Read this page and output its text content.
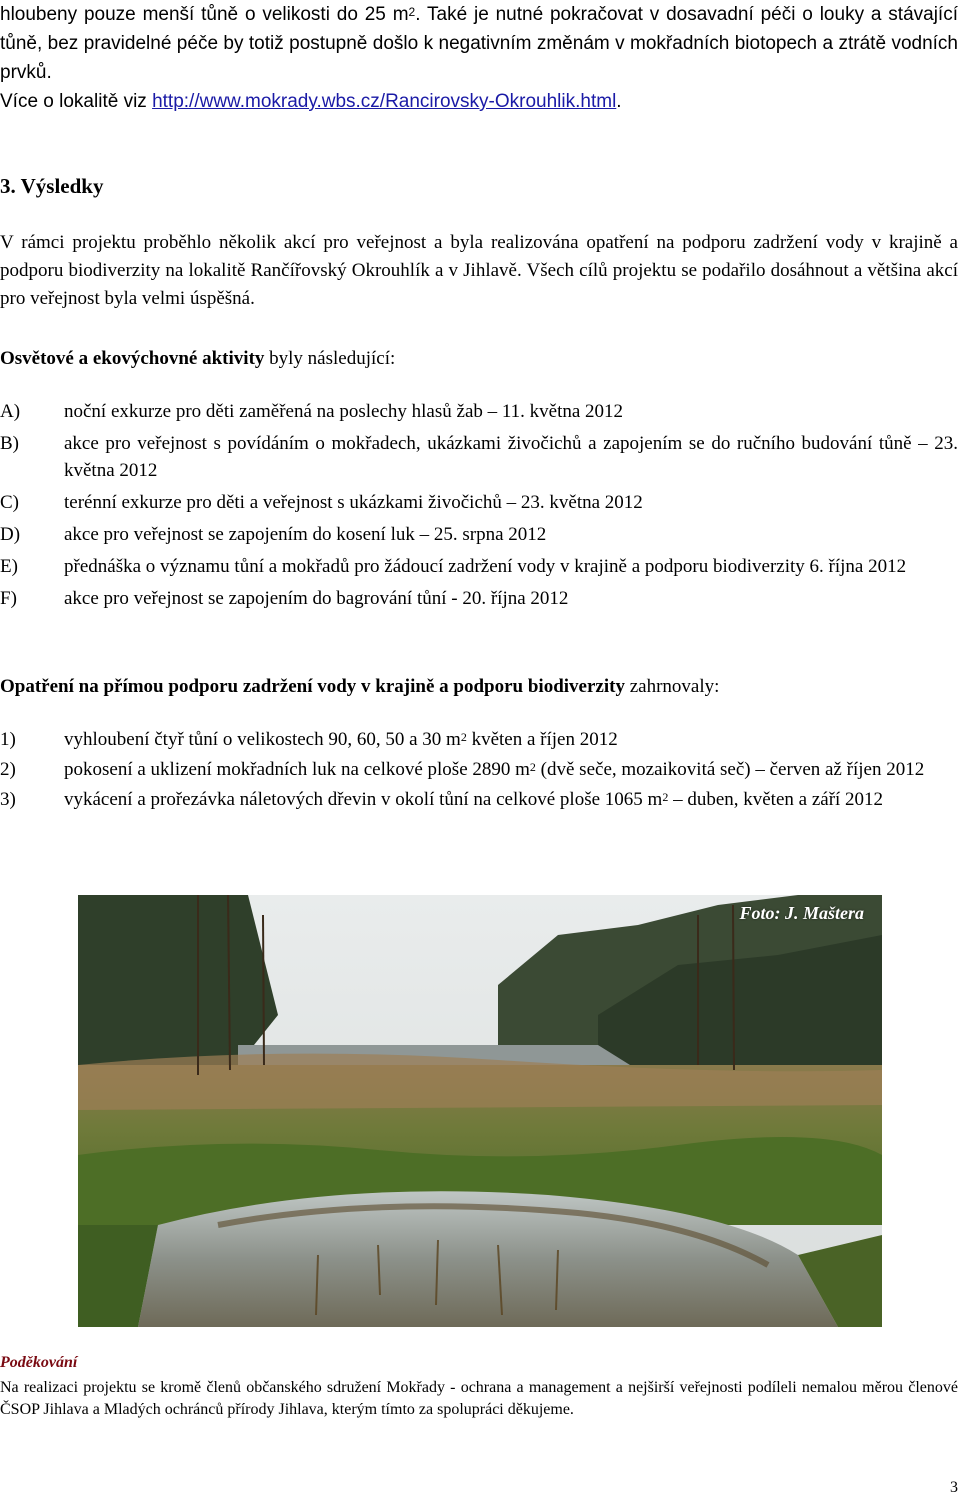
hloubeny pouze menší tůně o velikosti do 25 $m^2$. Také je nutné pokračovat v dosavadní péči o louky a stávající tůně, bez pravidelné péče by totiž postupně došlo k negativním změnám v mokřadních biotopech a ztrátě vodních prvků.

Více o lokalitě viz http://www.mokrady.wbs.cz/Rancirovsky-Okrouhlik.html.

3. Výsledky

V rámci projektu proběhlo několik akcí pro veřejnost a byla realizována opatření na podporu zadržení vody v krajině a podporu biodiverzity na lokalitě Rančířovský Okrouhlík a v Jihlavě. Všech cílů projektu se podařilo dosáhnout a většina akcí pro veřejnost byla velmi úspěšná.

Osvětové a ekovýchovné aktivity byly následující:

A)	noční exkurze pro děti zaměřená na poslechy hlasů žab – 11. května 2012
B)	akce pro veřejnost s povídáním o mokřadech, ukázkami živočichů a zapojením se do ručního budování tůně – 23. května 2012
C)	terénní exkurze pro děti a veřejnost s ukázkami živočichů – 23. května 2012
D)	akce pro veřejnost se zapojením do kosení luk – 25. srpna 2012
E)	přednáška o významu tůní a mokřadů pro žádoucí zadržení vody v krajině a podporu biodiverzity 6. října 2012
F)	akce pro veřejnost se zapojením do bagrování tůní - 20. října 2012

Opatření na přímou podporu zadržení vody v krajině a podporu biodiverzity zahrnovaly:

1)	vyhloubení čtyř tůní o velikostech 90, 60, 50 a 30 $m^2$ květen a říjen 2012
2)	pokosení a uklizení mokřadních luk na celkové ploše 2890 $m^2$ (dvě seče, mozaikovitá seč) – červen až říjen 2012
3)	vykácení a prořezávka náletových dřevin v okolí tůní na celkové ploše 1065 $m^2$ – duben, květen a září 2012
Foto: J. Maštera
Poděkování

Na realizaci projektu se kromě členů občanského sdružení Mokřady - ochrana a management a nejširší veřejnosti podíleli nemalou měrou členové ČSOP Jihlava a Mladých ochránců přírody Jihlava, kterým tímto za spolupráci děkujeme.

3
